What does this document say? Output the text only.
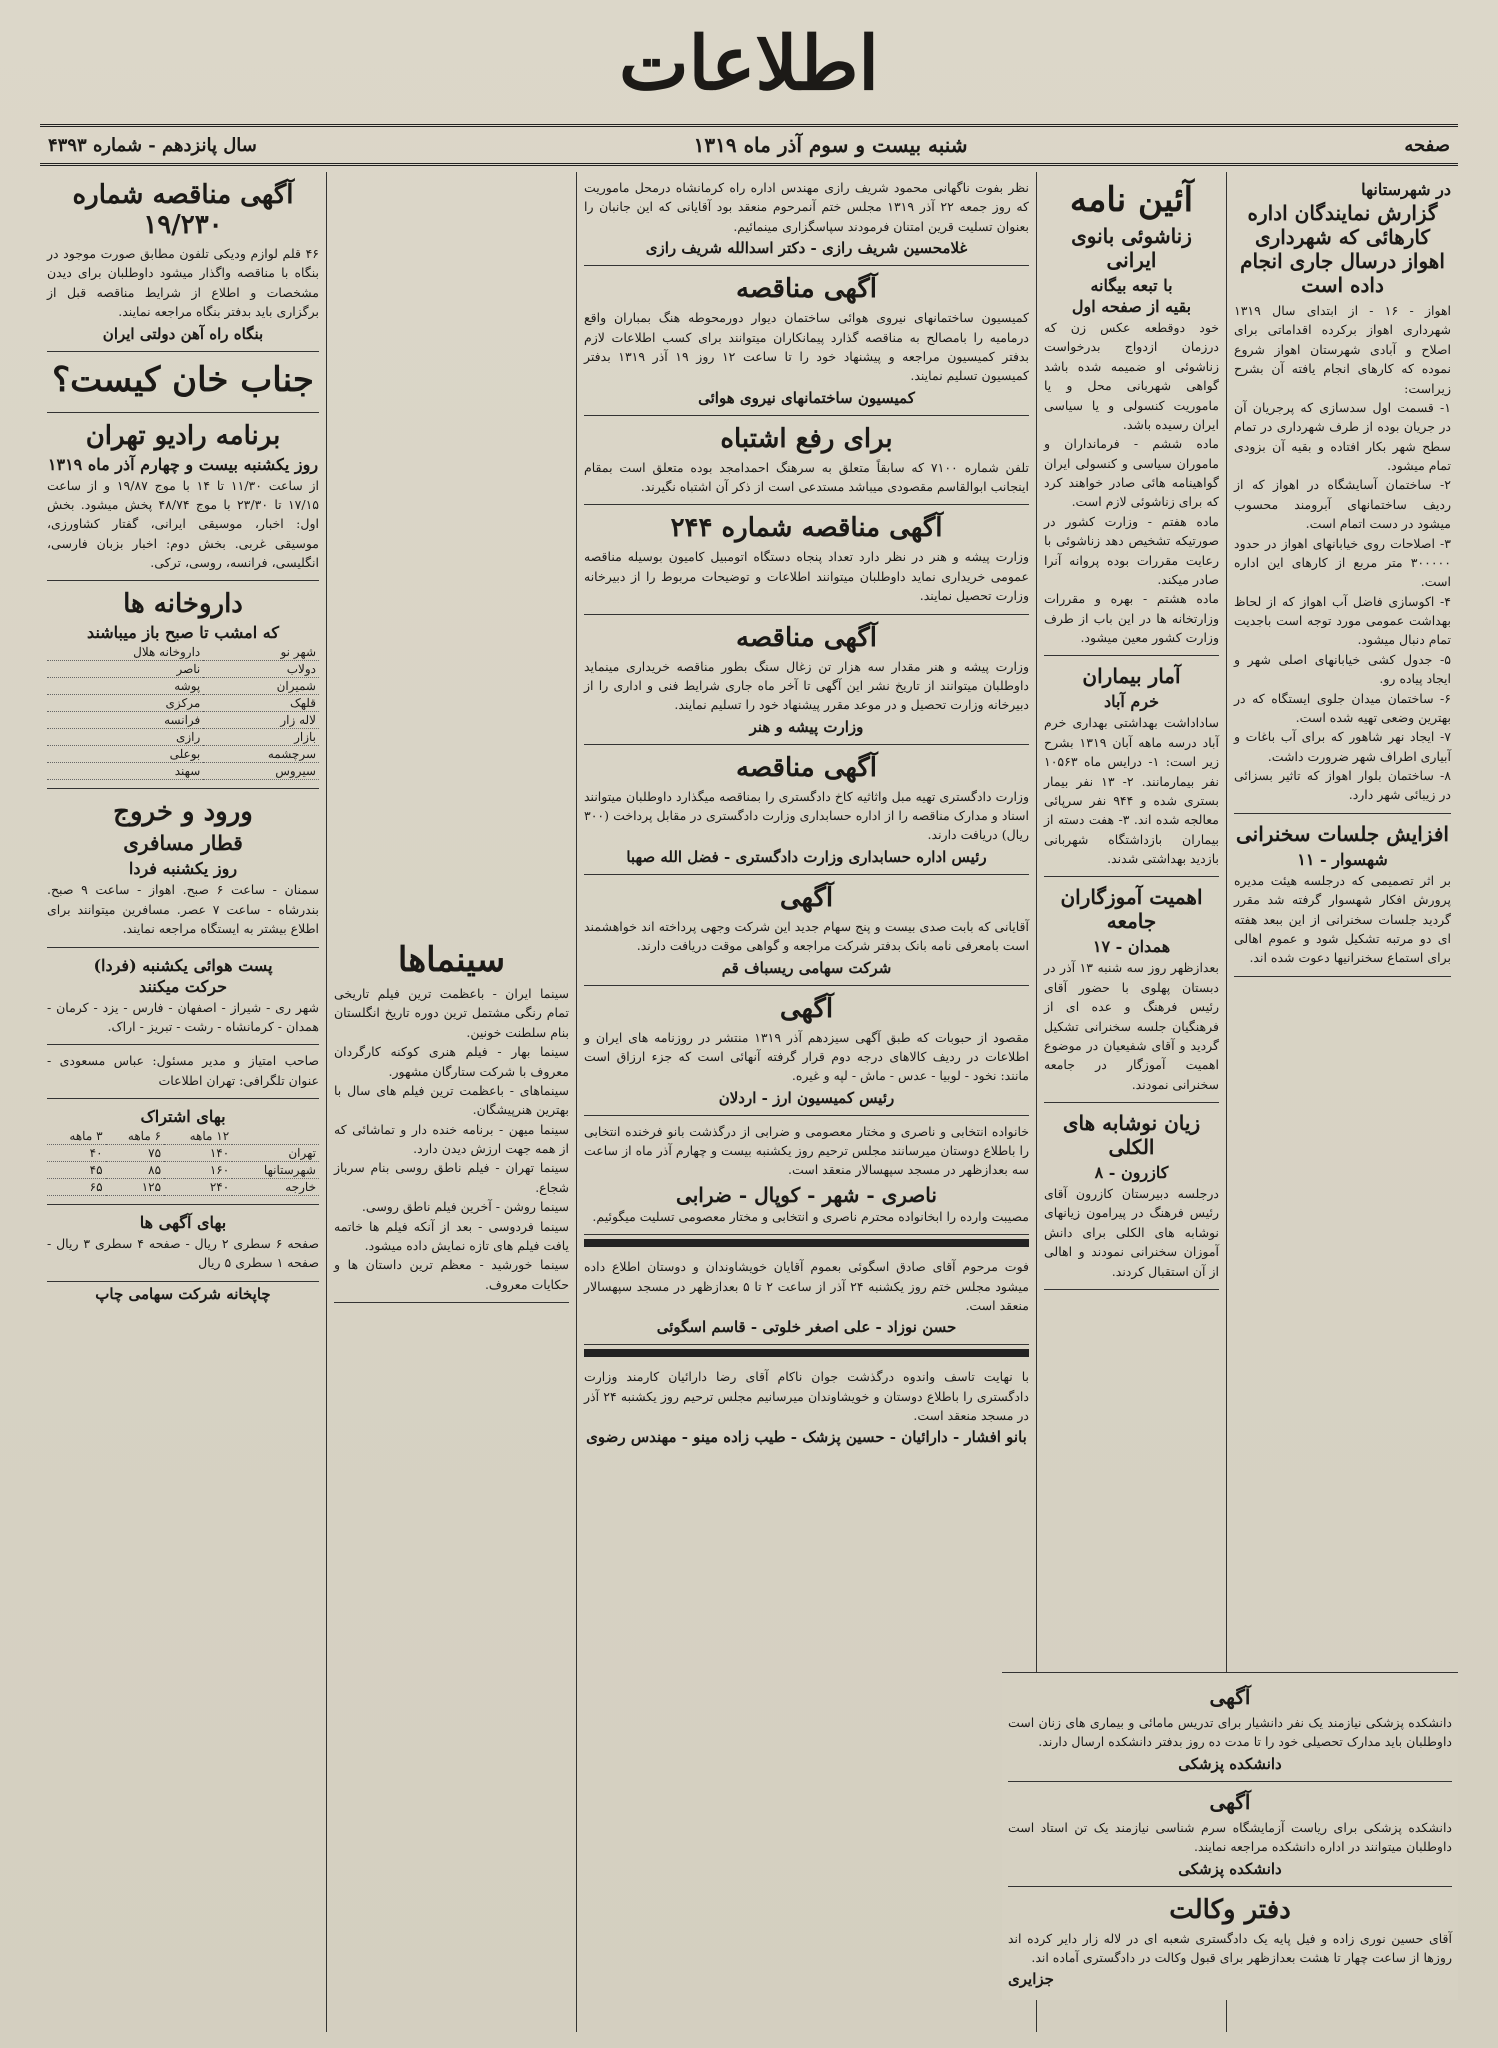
اطلاعات
صفحه
شنبه بیست و سوم آذر ماه ۱۳۱۹
سال پانزدهم - شماره ۴۳۹۳
در شهرستانها
گزارش نمایندگان اداره کارهائی که شهرداری اهواز درسال جاری انجام داده است

اهواز - ۱۶ - از ابتدای سال ۱۳۱۹ شهرداری اهواز برکرده اقداماتی برای اصلاح و آبادی شهرستان اهواز شروع نموده که کارهای انجام یافته آن بشرح زیراست:

۱- قسمت اول سدسازی که پرجریان آن در جریان بوده از طرف شهرداری در تمام سطح شهر بکار افتاده و بقیه آن بزودی تمام میشود.

۲- ساختمان آسایشگاه در اهواز که از ردیف ساختمانهای آبرومند محسوب میشود در دست اتمام است.

۳- اصلاحات روی خیابانهای اهواز در حدود ۳۰۰۰۰۰ متر مربع از کارهای این اداره است.

۴- اکوسازی فاضل آب اهواز که از لحاظ بهداشت عمومی مورد توجه است باجدیت تمام دنبال میشود.

۵- جدول کشی خیابانهای اصلی شهر و ایجاد پیاده رو.

۶- ساختمان میدان جلوی ایستگاه که در بهترین وضعی تهیه شده است.

۷- ایجاد نهر شاهور که برای آب باغات و آبیاری اطراف شهر ضرورت داشت.

۸- ساختمان بلوار اهواز که تاثیر بسزائی در زیبائی شهر دارد.

افزایش جلسات سخنرانی
شهسوار - ۱۱

بر اثر تصمیمی که درجلسه هیئت مدیره پرورش افکار شهسوار گرفته شد مقرر گردید جلسات سخنرانی از این ببعد هفته ای دو مرتبه تشکیل شود و عموم اهالی برای استماع سخنرانیها دعوت شده اند.

آئین نامه
زناشوئی بانوی ایرانی
با تبعه بیگانه
بقیه از صفحه اول

خود دوقطعه عکس زن که درزمان ازدواج بدرخواست زناشوئی او ضمیمه شده باشد گواهی شهربانی محل و یا ماموریت کنسولی و یا سیاسی ایران رسیده باشد.

ماده ششم - فرمانداران و ماموران سیاسی و کنسولی ایران گواهینامه هائی صادر خواهند کرد که برای زناشوئی لازم است.

ماده هفتم - وزارت کشور در صورتیکه تشخیص دهد زناشوئی با رعایت مقررات بوده پروانه آنرا صادر میکند.

ماده هشتم - بهره و مقررات وزارتخانه ها در این باب از طرف وزارت کشور معین میشود.

آمار بیماران
خرم آباد

ساداداشت بهداشتی بهداری خرم آباد درسه ماهه آبان ۱۳۱۹ بشرح زیر است: ۱- درایس ماه ۱۰۵۶۳ نفر بیمارمانند. ۲- ۱۳ نفر بیمار بستری شده و ۹۴۴ نفر سرپائی معالجه شده اند. ۳- هفت دسته از بیماران بازداشتگاه شهربانی بازدید بهداشتی شدند.

اهمیت آموزگاران جامعه
همدان - ۱۷

بعدازظهر روز سه شنبه ۱۳ آذر در دبستان پهلوی با حضور آقای رئیس فرهنگ و عده ای از فرهنگیان جلسه سخنرانی تشکیل گردید و آقای شفیعیان در موضوع اهمیت آموزگار در جامعه سخنرانی نمودند.

زیان نوشابه های الکلی
کازرون - ۸

درجلسه دبیرستان کازرون آقای رئیس فرهنگ در پیرامون زیانهای نوشابه های الکلی برای دانش آموزان سخنرانی نمودند و اهالی از آن استقبال کردند.

نظر بفوت ناگهانی محمود شریف رازی مهندس اداره راه کرمانشاه درمحل ماموریت که روز جمعه ۲۲ آذر ۱۳۱۹ مجلس ختم آنمرحوم منعقد بود آقایانی که این جانبان را بعنوان تسلیت قرین امتنان فرمودند سپاسگزاری مینمائیم.

غلامحسین شریف رازی - دکتر اسدالله شریف رازی
آگهی مناقصه

کمیسیون ساختمانهای نیروی هوائی ساختمان دیوار دورمحوطه هنگ بمباران واقع درمامیه را بامصالح به مناقصه گذارد پیمانکاران میتوانند برای کسب اطلاعات لازم بدفتر کمیسیون مراجعه و پیشنهاد خود را تا ساعت ۱۲ روز ۱۹ آذر ۱۳۱۹ بدفتر کمیسیون تسلیم نمایند.

کمیسیون ساختمانهای نیروی هوائی
برای رفع اشتباه

تلفن شماره ۷۱۰۰ که سابقاً متعلق به سرهنگ احمدامجد بوده متعلق است بمقام اینجانب ابوالقاسم مقصودی میباشد مستدعی است از ذکر آن اشتباه نگیرند.

آگهی مناقصه شماره ۲۴۴

وزارت پیشه و هنر در نظر دارد تعداد پنجاه دستگاه اتومبیل کامیون بوسیله مناقصه عمومی خریداری نماید داوطلبان میتوانند اطلاعات و توضیحات مربوط را از دبیرخانه وزارت تحصیل نمایند.

آگهی مناقصه

وزارت پیشه و هنر مقدار سه هزار تن زغال سنگ بطور مناقصه خریداری مینماید داوطلبان میتوانند از تاریخ نشر این آگهی تا آخر ماه جاری شرایط فنی و اداری را از دبیرخانه وزارت تحصیل و در موعد مقرر پیشنهاد خود را تسلیم نمایند.

وزارت پیشه و هنر
آگهی مناقصه

وزارت دادگستری تهیه مبل واثاثیه کاخ دادگستری را بمناقصه میگذارد داوطلبان میتوانند اسناد و مدارک مناقصه را از اداره حسابداری وزارت دادگستری در مقابل پرداخت (۳۰۰ ریال) دریافت دارند.

رئیس اداره حسابداری وزارت دادگستری - فضل الله صهبا
آگهی

آقایانی که بابت صدی بیست و پنج سهام جدید این شرکت وجهی پرداخته اند خواهشمند است بامعرفی نامه بانک بدفتر شرکت مراجعه و گواهی موقت دریافت دارند.

شرکت سهامی ریسباف قم
آگهی

مقصود از حبوبات که طبق آگهی سیزدهم آذر ۱۳۱۹ منتشر در روزنامه های ایران و اطلاعات در ردیف کالاهای درجه دوم قرار گرفته آنهائی است که جزء ارزاق است مانند: نخود - لوبیا - عدس - ماش - لپه و غیره.

رئیس کمیسیون ارز - اردلان

خانواده انتخابی و ناصری و مختار معصومی و ضرابی از درگذشت بانو فرخنده انتخابی را باطلاع دوستان میرسانند مجلس ترحیم روز یکشنبه بیست و چهارم آذر ماه از ساعت سه بعدازظهر در مسجد سپهسالار منعقد است.

ناصری - شهر - کوپال - ضرابی

مصیبت وارده را ابخانواده محترم ناصری و انتخابی و مختار معصومی تسلیت میگوئیم.

فوت مرحوم آقای صادق اسگوئی بعموم آقایان خویشاوندان و دوستان اطلاع داده میشود مجلس ختم روز یکشنبه ۲۴ آذر از ساعت ۲ تا ۵ بعدازظهر در مسجد سپهسالار منعقد است.

حسن نوزاد - علی اصغر خلوتی - قاسم اسگوئی

با نهایت تاسف واندوه درگذشت جوان ناکام آقای رضا دارائیان کارمند وزارت دادگستری را باطلاع دوستان و خویشاوندان میرسانیم مجلس ترحیم روز یکشنبه ۲۴ آذر در مسجد منعقد است.

بانو افشار - دارائیان - حسین پزشک - طیب زاده مینو - مهندس رضوی
سینماها

سینما ایران - باعظمت ترین فیلم تاریخی تمام رنگی مشتمل ترین دوره تاریخ انگلستان بنام سلطنت خونین.

سینما بهار - فیلم هنری کوکنه کارگردان معروف با شرکت ستارگان مشهور.

سینماهای - باعظمت ترین فیلم های سال با بهترین هنرپیشگان.

سینما میهن - برنامه خنده دار و تماشائی که از همه جهت ارزش دیدن دارد.

سینما تهران - فیلم ناطق روسی بنام سرباز شجاع.

سینما روشن - آخرین فیلم ناطق روسی.

سینما فردوسی - بعد از آنکه فیلم ها خاتمه یافت فیلم های تازه نمایش داده میشود.

سینما خورشید - معظم ترین داستان ها و حکایات معروف.

آگهی مناقصه شماره ۱۹/۲۳۰

۴۶ قلم لوازم ودیکی تلفون مطابق صورت موجود در بنگاه با مناقصه واگذار میشود داوطلبان برای دیدن مشخصات و اطلاع از شرایط مناقصه قبل از برگزاری باید بدفتر بنگاه مراجعه نمایند.

بنگاه راه آهن دولتی ایران
جناب خان کیست؟
برنامه رادیو تهران
روز یکشنبه بیست و چهارم آذر ماه ۱۳۱۹

از ساعت ۱۱/۳۰ تا ۱۴ با موج ۱۹/۸۷ و از ساعت ۱۷/۱۵ تا ۲۳/۳۰ با موج ۴۸/۷۴ پخش میشود. بخش اول: اخبار، موسیقی ایرانی، گفتار کشاورزی، موسیقی غربی. بخش دوم: اخبار بزبان فارسی، انگلیسی، فرانسه، روسی، ترکی.

داروخانه ها
که امشب تا صبح باز میباشند
شهر نو	داروخانه هلال
دولاب	ناصر
شمیران	پوشه
قلهک	مرکزی
لاله زار	فرانسه
بازار	رازی
سرچشمه	بوعلی
سیروس	سهند
ورود و خروج
قطار مسافری
روز یکشنبه فردا

سمنان - ساعت ۶ صبح. اهواز - ساعت ۹ صبح. بندرشاه - ساعت ۷ عصر. مسافرین میتوانند برای اطلاع بیشتر به ایستگاه مراجعه نمایند.

پست هوائی یکشنبه (فردا)
حرکت میکنند

شهر ری - شیراز - اصفهان - فارس - یزد - کرمان - همدان - کرمانشاه - رشت - تبریز - اراک.

صاحب امتیاز و مدیر مسئول: عباس مسعودی - عنوان تلگرافی: تهران اطلاعات

بهای اشتراک
	۱۲ ماهه	۶ ماهه	۳ ماهه
تهران	۱۴۰	۷۵	۴۰
شهرستانها	۱۶۰	۸۵	۴۵
خارجه	۲۴۰	۱۲۵	۶۵
بهای آگهی ها

صفحه ۶ سطری ۲ ریال - صفحه ۴ سطری ۳ ریال - صفحه ۱ سطری ۵ ریال

چاپخانه شرکت سهامی چاپ
آگهی

دانشکده پزشکی نیازمند یک نفر دانشیار برای تدریس مامائی و بیماری های زنان است داوطلبان باید مدارک تحصیلی خود را تا مدت ده روز بدفتر دانشکده ارسال دارند.

دانشکده پزشکی
آگهی

دانشکده پزشکی برای ریاست آزمایشگاه سرم شناسی نیازمند یک تن استاد است داوطلبان میتوانند در اداره دانشکده مراجعه نمایند.

دانشکده پزشکی
دفتر وکالت

آقای حسین نوری زاده و فیل پایه یک دادگستری شعبه ای در لاله زار دایر کرده اند روزها از ساعت چهار تا هشت بعدازظهر برای قبول وکالت در دادگستری آماده اند.

جزایری
